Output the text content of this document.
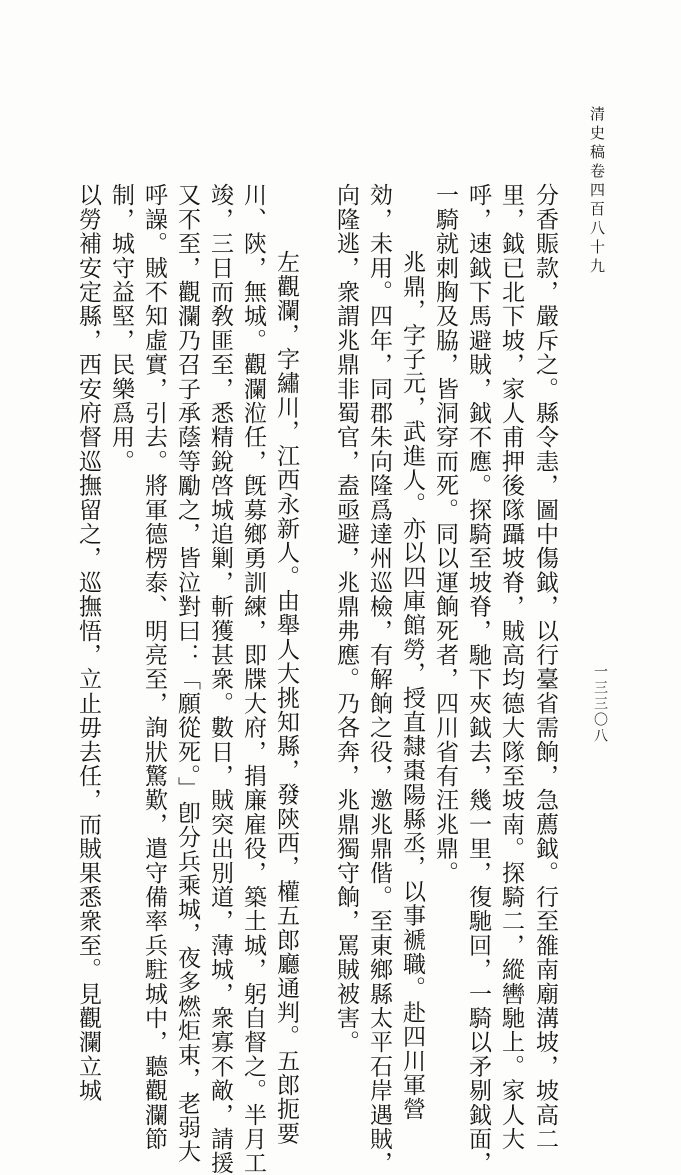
清史稿卷四百八十九
一三三〇八
分香賑款，嚴斥之。縣令恚，圖中傷鉞，以行臺省需餉，急薦鉞。行至雒南廟溝坡，坡高二
里，鉞已北下坡，家人甫押後隊躡坡脊，賊高均德大隊至坡南。探騎二，縱轡馳上。家人大
呼，速鉞下馬避賊，鉞不應。探騎至坡脊，馳下夾鉞去，幾一里，復馳回，一騎以矛剔鉞面，
一騎就刺胸及脇，皆洞穿而死。同以運餉死者，四川省有汪兆鼎。
兆鼎，字子元，武進人。亦以四庫館勞，授直隸棗陽縣丞，以事褫職。赴四川軍營
効，未用。四年，同郡朱向隆爲達州巡檢，有解餉之役，邀兆鼎偕。至東鄉縣太平石岸遇賊，
向隆逃，衆謂兆鼎非蜀官，盍亟避，兆鼎弗應。乃各奔，兆鼎獨守餉，罵賊被害。
左觀瀾，字繡川，江西永新人。由舉人大挑知縣，發陝西，權五郎廳通判。五郎扼要
川、陝，無城。觀瀾涖任，旣募鄉勇訓練，即牒大府，捐廉雇役，築土城，躬自督之。半月工
竣，三日而敎匪至，悉精銳啓城追剿，斬獲甚衆。數日，賊突出別道，薄城，衆寡不敵，請援
又不至，觀瀾乃召子承蔭等勵之，皆泣對曰：「願從死。」卽分兵乘城，夜多燃炬束，老弱大
呼譟。賊不知虛實，引去。將軍德楞泰、明亮至，詢狀驚歎，遣守備率兵駐城中，聽觀瀾節
制，城守益堅，民樂爲用。
以勞補安定縣，西安府督巡撫留之，巡撫悟，立止毋去任，而賊果悉衆至。見觀瀾立城
